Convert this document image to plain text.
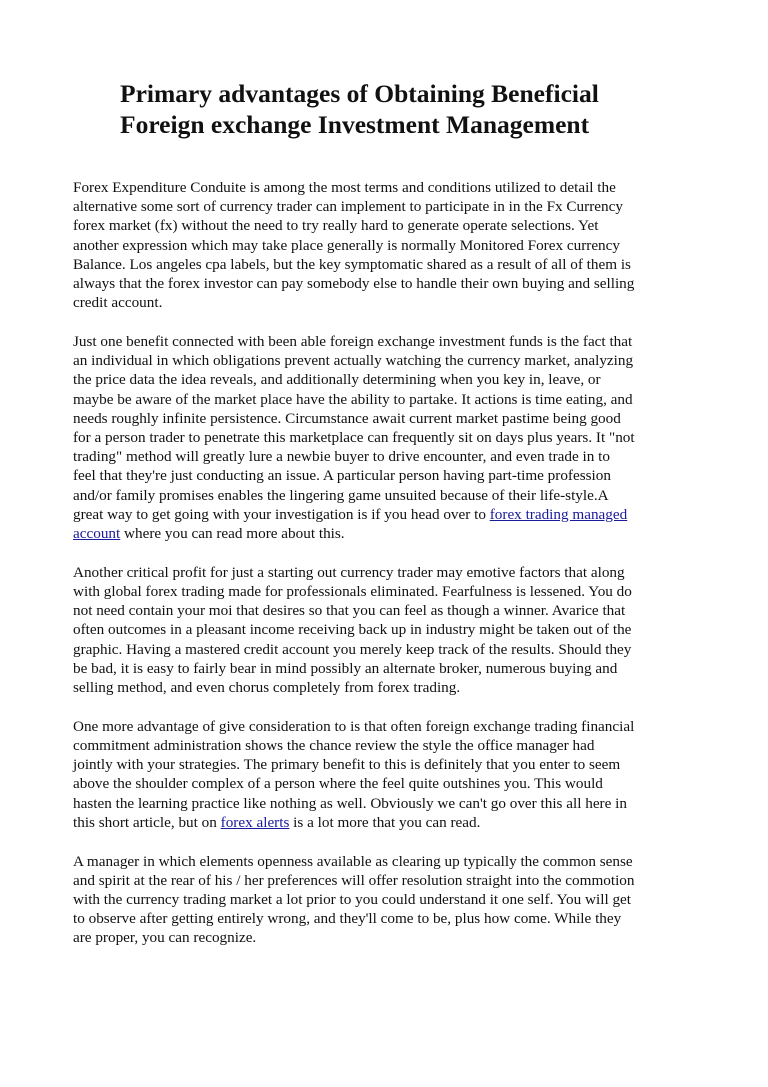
Primary advantages of Obtaining Beneficial
Foreign exchange Investment Management

Forex Expenditure Conduite is among the most terms and conditions utilized to detail the
alternative some sort of currency trader can implement to participate in in the Fx Currency
forex market (fx) without the need to try really hard to generate operate selections. Yet
another expression which may take place generally is normally Monitored Forex currency
Balance. Los angeles cpa labels, but the key symptomatic shared as a result of all of them is
always that the forex investor can pay somebody else to handle their own buying and selling
credit account.

Just one benefit connected with been able foreign exchange investment funds is the fact that
an individual in which obligations prevent actually watching the currency market, analyzing
the price data the idea reveals, and additionally determining when you key in, leave, or
maybe be aware of the market place have the ability to partake. It actions is time eating, and
needs roughly infinite persistence. Circumstance await current market pastime being good
for a person trader to penetrate this marketplace can frequently sit on days plus years. It "not
trading" method will greatly lure a newbie buyer to drive encounter, and even trade in to
feel that they're just conducting an issue. A particular person having part-time profession
and/or family promises enables the lingering game unsuited because of their life-style.A
great way to get going with your investigation is if you head over to forex trading managed
account where you can read more about this.

Another critical profit for just a starting out currency trader may emotive factors that along
with global forex trading made for professionals eliminated. Fearfulness is lessened. You do
not need contain your moi that desires so that you can feel as though a winner. Avarice that
often outcomes in a pleasant income receiving back up in industry might be taken out of the
graphic. Having a mastered credit account you merely keep track of the results. Should they
be bad, it is easy to fairly bear in mind possibly an alternate broker, numerous buying and
selling method, and even chorus completely from forex trading.

One more advantage of give consideration to is that often foreign exchange trading financial
commitment administration shows the chance review the style the office manager had
jointly with your strategies. The primary benefit to this is definitely that you enter to seem
above the shoulder complex of a person where the feel quite outshines you. This would
hasten the learning practice like nothing as well. Obviously we can't go over this all here in
this short article, but on forex alerts is a lot more that you can read.

A manager in which elements openness available as clearing up typically the common sense
and spirit at the rear of his / her preferences will offer resolution straight into the commotion
with the currency trading market a lot prior to you could understand it one self. You will get
to observe after getting entirely wrong, and they'll come to be, plus how come. While they
are proper, you can recognize.
